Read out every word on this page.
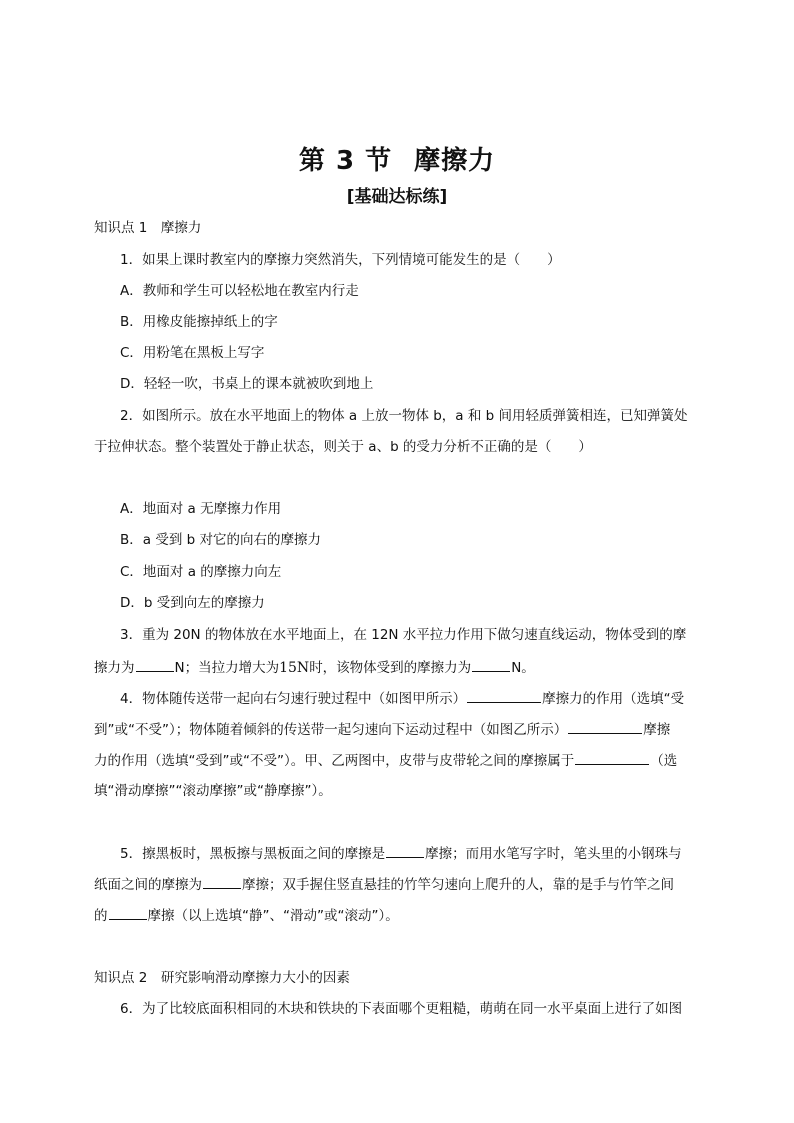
第 3 节 摩擦力
[基础达标练]
知识点 1　摩擦力
1．如果上课时教室内的摩擦力突然消失，下列情境可能发生的是（　　）
A．教师和学生可以轻松地在教室内行走
B．用橡皮能擦掉纸上的字
C．用粉笔在黑板上写字
D．轻轻一吹，书桌上的课本就被吹到地上
2．如图所示。放在水平地面上的物体 a 上放一物体 b，a 和 b 间用轻质弹簧相连，已知弹簧处
于拉伸状态。整个装置处于静止状态，则关于 a、b 的受力分析不正确的是（　　）
A．地面对 a 无摩擦力作用
B．a 受到 b 对它的向右的摩擦力
C．地面对 a 的摩擦力向左
D．b 受到向左的摩擦力
3．重为 20N 的物体放在水平地面上，在 12N 水平拉力作用下做匀速直线运动，物体受到的摩
擦力为	N；当拉力增大为15N时，该物体受到的摩擦力为	N。
4．物体随传送带一起向右匀速行驶过程中（如图甲所示）	摩擦力的作用（选填“受
到”或“不受”）；物体随着倾斜的传送带一起匀速向下运动过程中（如图乙所示）	摩擦
力的作用（选填“受到”或“不受”）。甲、乙两图中，皮带与皮带轮之间的摩擦属于	（选
填“滑动摩擦”“滚动摩擦”或“静摩擦”）。
5．擦黑板时，黑板擦与黑板面之间的摩擦是	摩擦；而用水笔写字时，笔头里的小钢珠与
纸面之间的摩擦为	摩擦；双手握住竖直悬挂的竹竿匀速向上爬升的人，靠的是手与竹竿之间
的	摩擦（以上选填“静”、“滑动”或“滚动”）。
知识点 2　研究影响滑动摩擦力大小的因素
6．为了比较底面积相同的木块和铁块的下表面哪个更粗糙，萌萌在同一水平桌面上进行了如图
